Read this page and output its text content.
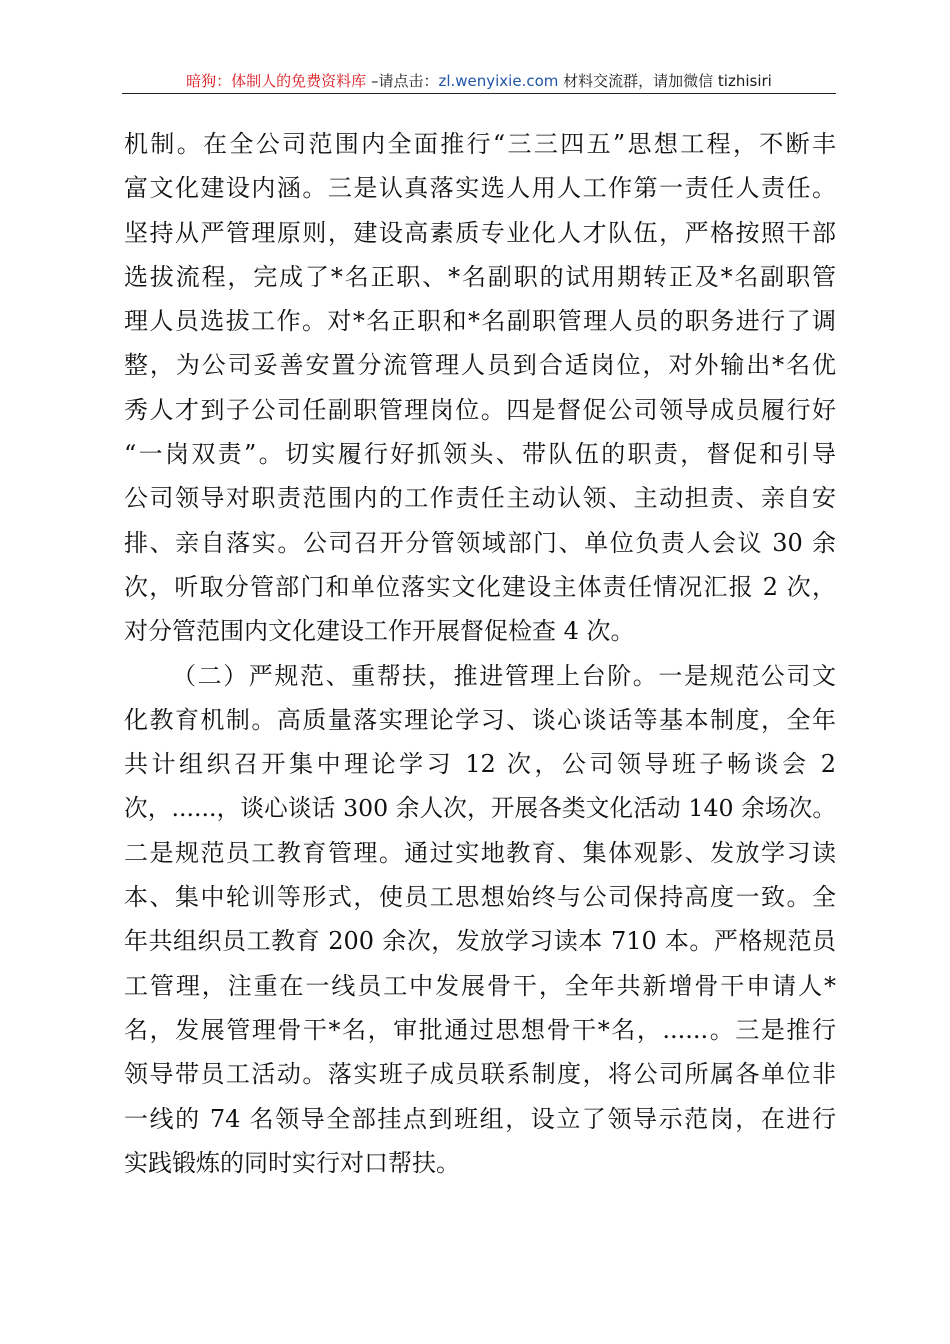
暗狗：体制人的免费资料库 –请点击：zl.wenyixie.com 材料交流群，请加微信 tizhisiri
机制。在全公司范围内全面推行“三三四五”思想工程，不断丰
富文化建设内涵。三是认真落实选人用人工作第一责任人责任。
坚持从严管理原则，建设高素质专业化人才队伍，严格按照干部
选拔流程，完成了*名正职、*名副职的试用期转正及*名副职管
理人员选拔工作。对*名正职和*名副职管理人员的职务进行了调
整，为公司妥善安置分流管理人员到合适岗位，对外输出*名优
秀人才到子公司任副职管理岗位。四是督促公司领导成员履行好
“一岗双责”。切实履行好抓领头、带队伍的职责，督促和引导
公司领导对职责范围内的工作责任主动认领、主动担责、亲自安
排、亲自落实。公司召开分管领域部门、单位负责人会议 30 余
次，听取分管部门和单位落实文化建设主体责任情况汇报 2 次，
对分管范围内文化建设工作开展督促检查 4 次。
（二）严规范、重帮扶，推进管理上台阶。一是规范公司文
化教育机制。高质量落实理论学习、谈心谈话等基本制度，全年
共计组织召开集中理论学习 12 次，公司领导班子畅谈会 2
次，......，谈心谈话 300 余人次，开展各类文化活动 140 余场次。
二是规范员工教育管理。通过实地教育、集体观影、发放学习读
本、集中轮训等形式，使员工思想始终与公司保持高度一致。全
年共组织员工教育 200 余次，发放学习读本 710 本。严格规范员
工管理，注重在一线员工中发展骨干，全年共新增骨干申请人*
名，发展管理骨干*名，审批通过思想骨干*名，......。三是推行
领导带员工活动。落实班子成员联系制度，将公司所属各单位非
一线的 74 名领导全部挂点到班组，设立了领导示范岗，在进行
实践锻炼的同时实行对口帮扶。
